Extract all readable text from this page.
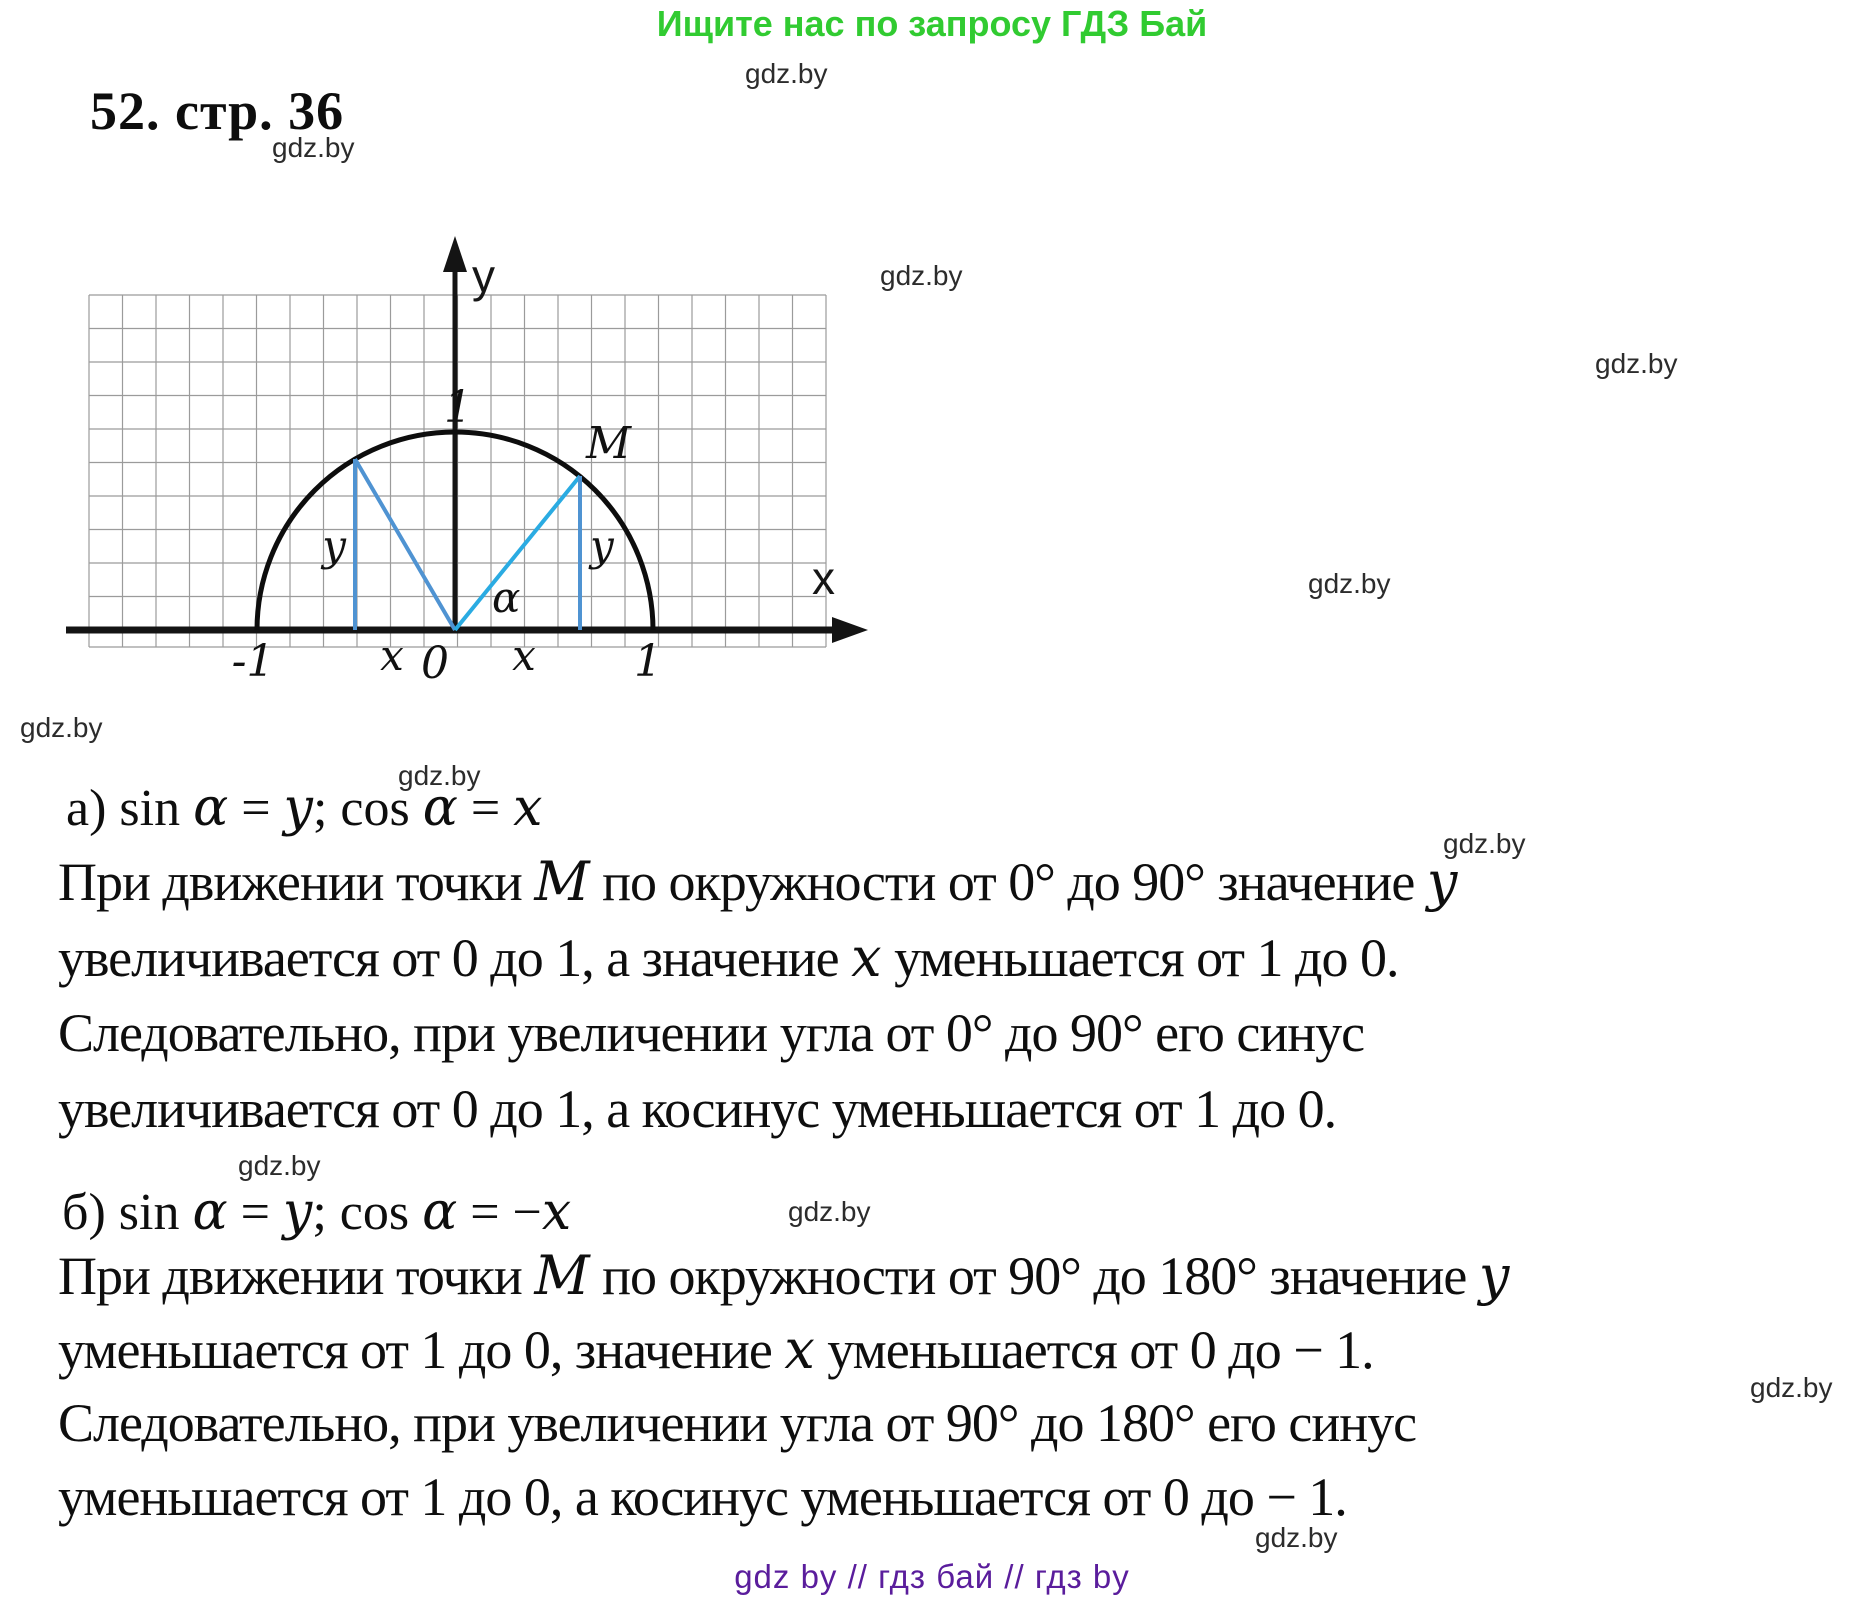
Ищите нас по запросу ГДЗ Бай
52. стр. 36
gdz.by
gdz.by
gdz.by
gdz.by
gdz.by
gdz.by
gdz.by
gdz.by
gdz.by
gdz.by
gdz.by
gdz.by
y
x
1
M
α
y	y
-1	x 0 x 1
а) sin α = y; cos α = x
При движении точки M по окружности от 0° до 90° значение y
увеличивается от 0 до 1, а значение x уменьшается от 1 до 0.
Следовательно, при увеличении угла от 0° до 90° его синус
увеличивается от 0 до 1, а косинус уменьшается от 1 до 0.
б) sin α = y; cos α = −x
При движении точки M по окружности от 90° до 180° значение y
уменьшается от 1 до 0, значение x уменьшается от 0 до − 1.
Следовательно, при увеличении угла от 90° до 180° его синус
уменьшается от 1 до 0, а косинус уменьшается от 0 до − 1.
gdz by // гдз бай // гдз by
